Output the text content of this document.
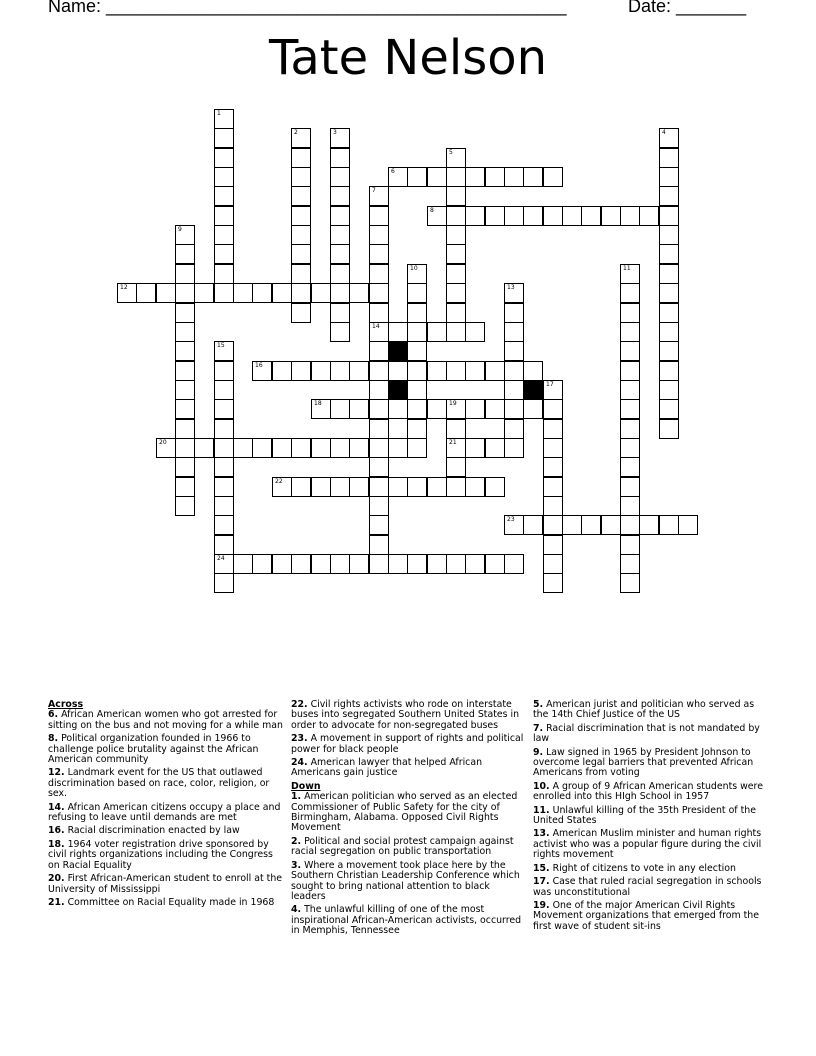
Name: ______________________________________________	Date: _______
Tate Nelson
1
2	3	4
5
6
7
14
8
9
10	11
12	13
15
24
16
17
18	19
21
20
22
23
Across
6. African American women who got arrested for sitting on the bus and not moving for a while man
8. Political organization founded in 1966 to challenge police brutality against the African American community
12. Landmark event for the US that outlawed discrimination based on race, color, religion, or sex.
14. African American citizens occupy a place and refusing to leave until demands are met
16. Racial discrimination enacted by law
18. 1964 voter registration drive sponsored by civil rights organizations including the Congress on Racial Equality
20. First African-American student to enroll at the University of Mississippi
21. Committee on Racial Equality made in 1968
22. Civil rights activists who rode on interstate buses into segregated Southern United States in order to advocate for non-segregated buses
23. A movement in support of rights and political power for black people
24. American lawyer that helped African Americans gain justice
Down
1. American politician who served as an elected Commissioner of Public Safety for the city of Birmingham, Alabama. Opposed Civil Rights Movement
2. Political and social protest campaign against racial segregation on public transportation
3. Where a movement took place here by the Southern Christian Leadership Conference which sought to bring national attention to black leaders
4. The unlawful killing of one of the most inspirational African-American activists, occurred in Memphis, Tennessee
5. American jurist and politician who served as the 14th Chief Justice of the US
7. Racial discrimination that is not mandated by law
9. Law signed in 1965 by President Johnson to overcome legal barriers that prevented African Americans from voting
10. A group of 9 African American students were enrolled into this HIgh School in 1957
11. Unlawful killing of the 35th President of the United States
13. American Muslim minister and human rights activist who was a popular figure during the civil rights movement
15. Right of citizens to vote in any election
17. Case that ruled racial segregation in schools was unconstitutional
19. One of the major American Civil Rights Movement organizations that emerged from the first wave of student sit-ins
